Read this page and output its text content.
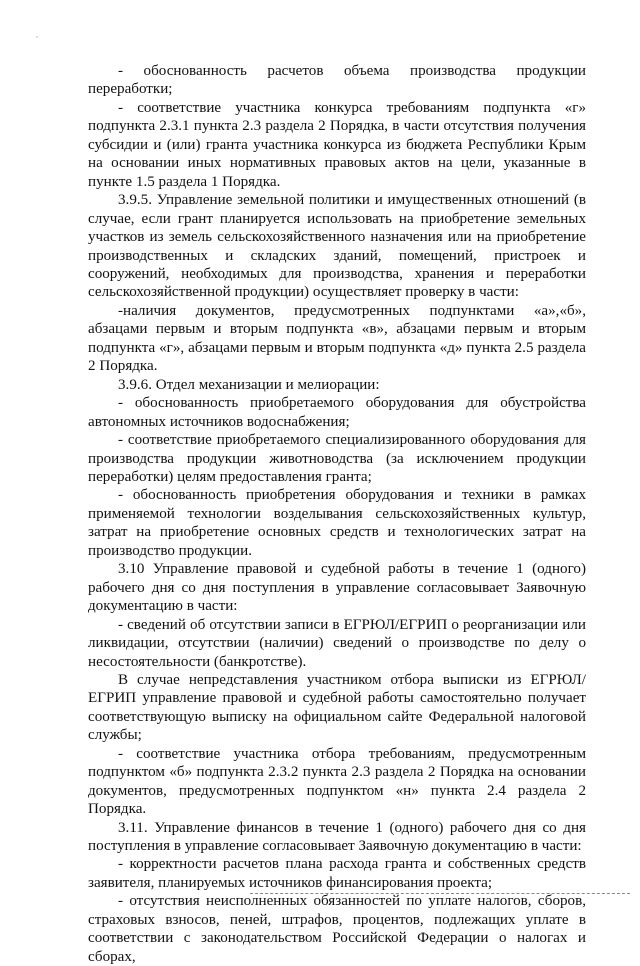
- обоснованность расчетов объема производства продукции переработки;

- соответствие участника конкурса требованиям подпункта «г» подпункта 2.3.1 пункта 2.3 раздела 2 Порядка, в части отсутствия получения субсидии и (или) гранта участника конкурса из бюджета Республики Крым на основании иных нормативных правовых актов на цели, указанные в пункте 1.5 раздела 1 Порядка.

3.9.5. Управление земельной политики и имущественных отношений (в случае, если грант планируется использовать на приобретение земельных участков из земель сельскохозяйственного назначения или на приобретение производственных и складских зданий, помещений, пристроек и сооружений, необходимых для производства, хранения и переработки сельскохозяйственной продукции) осуществляет проверку в части:

-наличия документов, предусмотренных подпунктами «а»,«б», абзацами первым и вторым подпункта «в», абзацами первым и вторым подпункта «г», абзацами первым и вторым подпункта «д» пункта 2.5 раздела 2 Порядка.

3.9.6. Отдел механизации и мелиорации:

- обоснованность приобретаемого оборудования для обустройства автономных источников водоснабжения;

- соответствие приобретаемого специализированного оборудования для производства продукции животноводства (за исключением продукции переработки) целям предоставления гранта;

- обоснованность приобретения оборудования и техники в рамках применяемой технологии возделывания сельскохозяйственных культур, затрат на приобретение основных средств и технологических затрат на производство продукции.

3.10 Управление правовой и судебной работы в течение 1 (одного) рабочего дня со дня поступления в управление согласовывает Заявочную документацию в части:

- сведений об отсутствии записи в ЕГРЮЛ/ЕГРИП о реорганизации или ликвидации, отсутствии (наличии) сведений о производстве по делу о несостоятельности (банкротстве).

В случае непредставления участником отбора выписки из ЕГРЮЛ/ЕГРИП управление правовой и судебной работы самостоятельно получает соответствующую выписку на официальном сайте Федеральной налоговой службы;

- соответствие участника отбора требованиям, предусмотренным подпунктом «б» подпункта 2.3.2 пункта 2.3 раздела 2 Порядка на основании документов, предусмотренных подпунктом «н» пункта 2.4 раздела 2 Порядка.

3.11. Управление финансов в течение 1 (одного) рабочего дня со дня поступления в управление согласовывает Заявочную документацию в части:

- корректности расчетов плана расхода гранта и собственных средств заявителя, планируемых источников финансирования проекта;

- отсутствия неисполненных обязанностей по уплате налогов, сборов, страховых взносов, пеней, штрафов, процентов, подлежащих уплате в соответствии с законодательством Российской Федерации о налогах и сборах,
